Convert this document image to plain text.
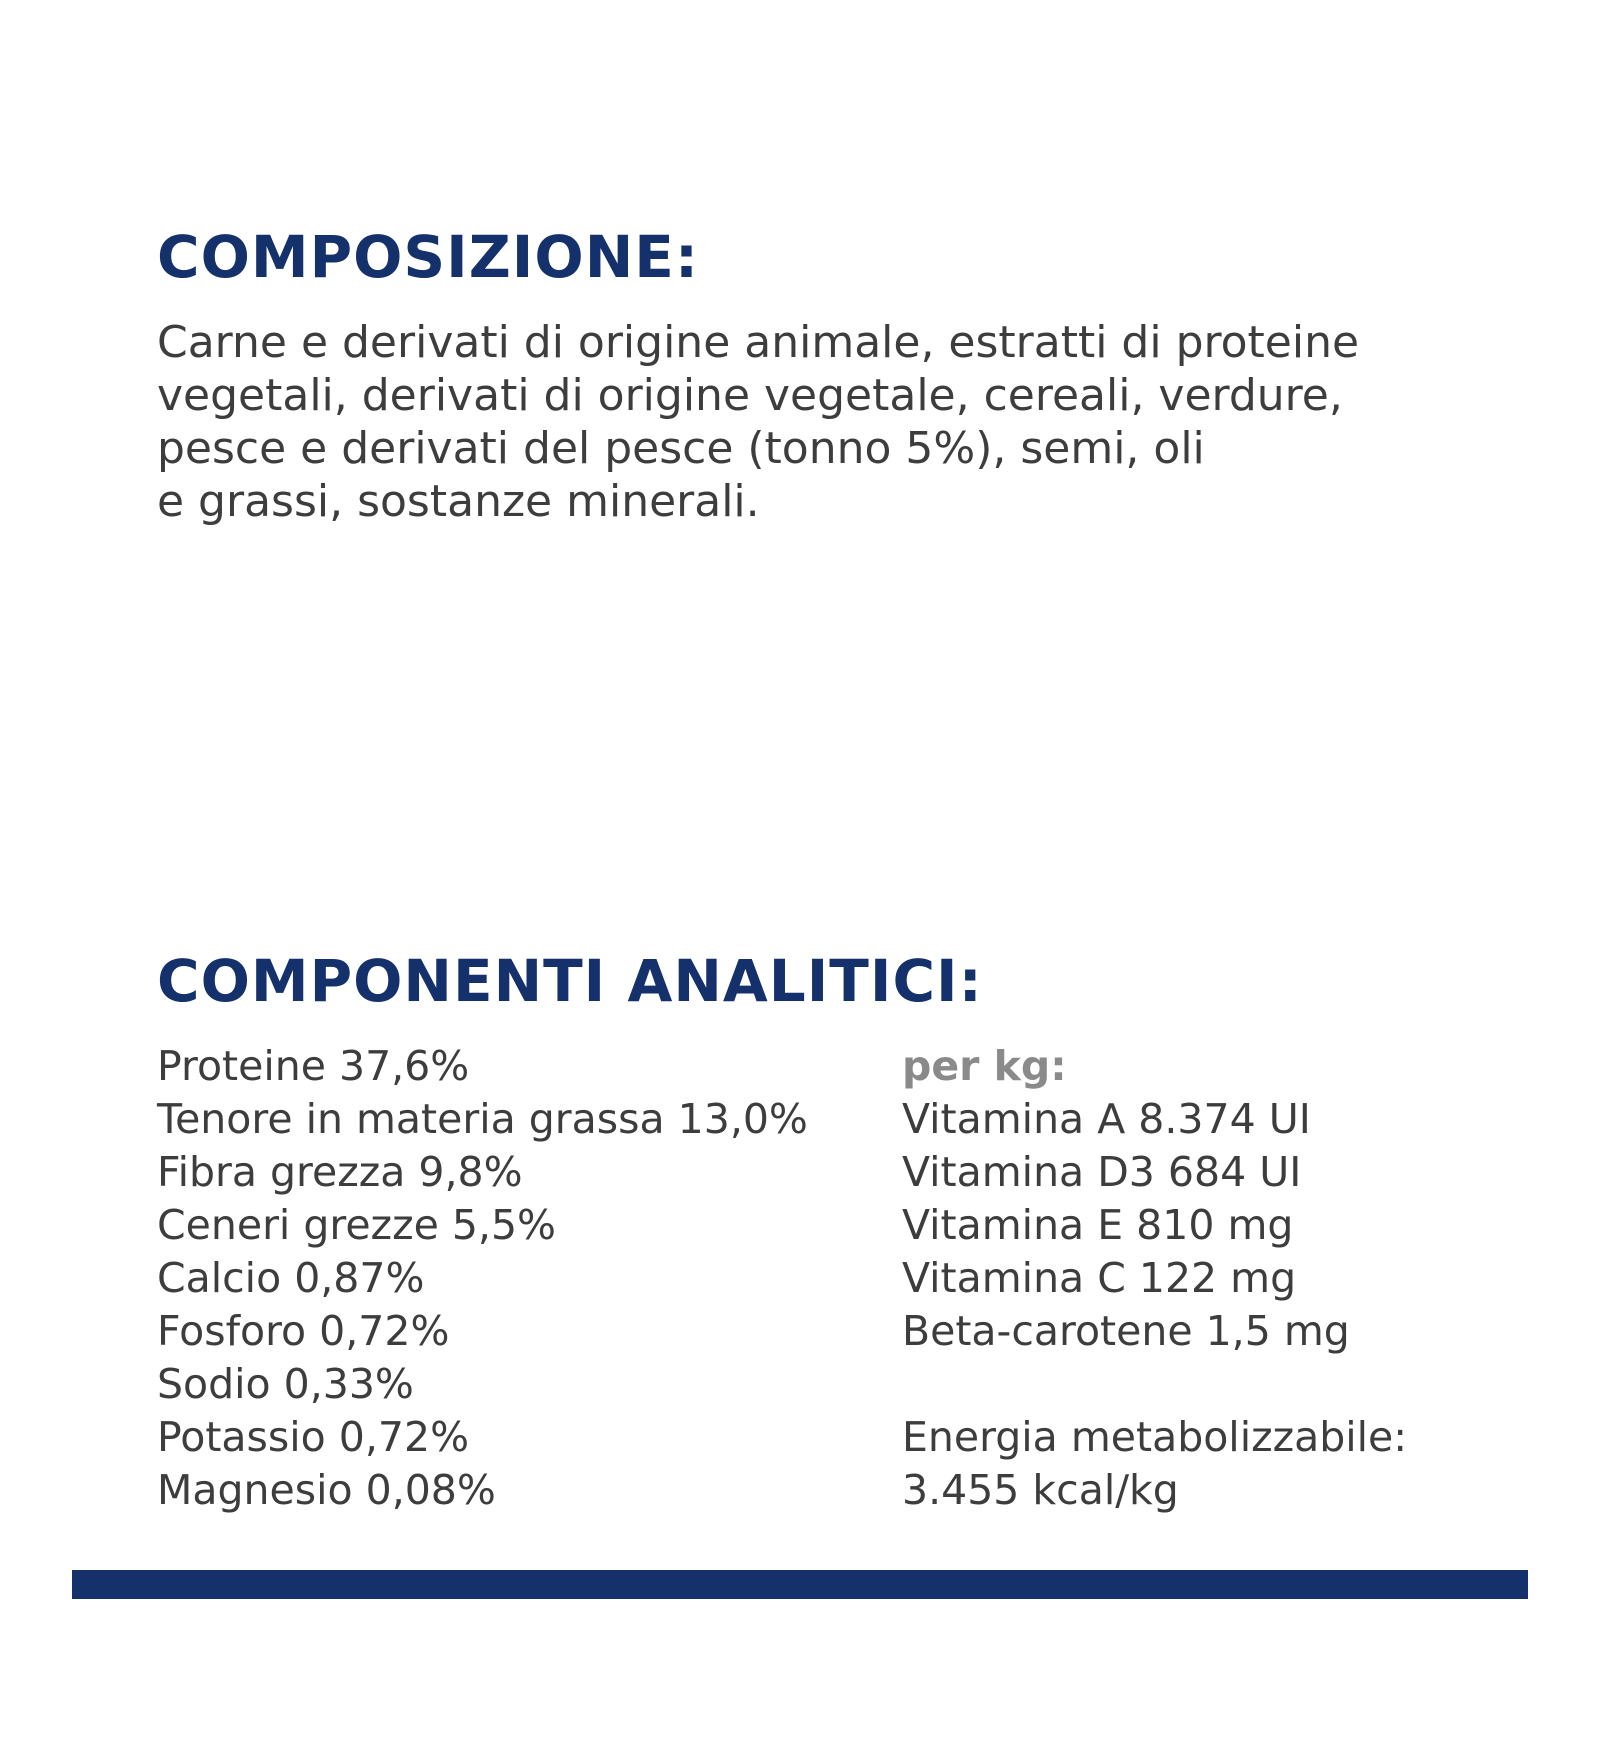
COMPOSIZIONE:

Carne e derivati di origine animale, estratti di proteine
vegetali, derivati di origine vegetale, cereali, verdure,
pesce e derivati del pesce (tonno 5%), semi, oli
e grassi, sostanze minerali.

COMPONENTI ANALITICI:
Proteine 37,6%
Tenore in materia grassa 13,0%
Fibra grezza 9,8%
Ceneri grezze 5,5%
Calcio 0,87%
Fosforo 0,72%
Sodio 0,33%
Potassio 0,72%
Magnesio 0,08%
per kg:
Vitamina A 8.374 UI
Vitamina D3 684 UI
Vitamina E 810 mg
Vitamina C 122 mg
Beta-carotene 1,5 mg
Energia metabolizzabile:
3.455 kcal/kg
